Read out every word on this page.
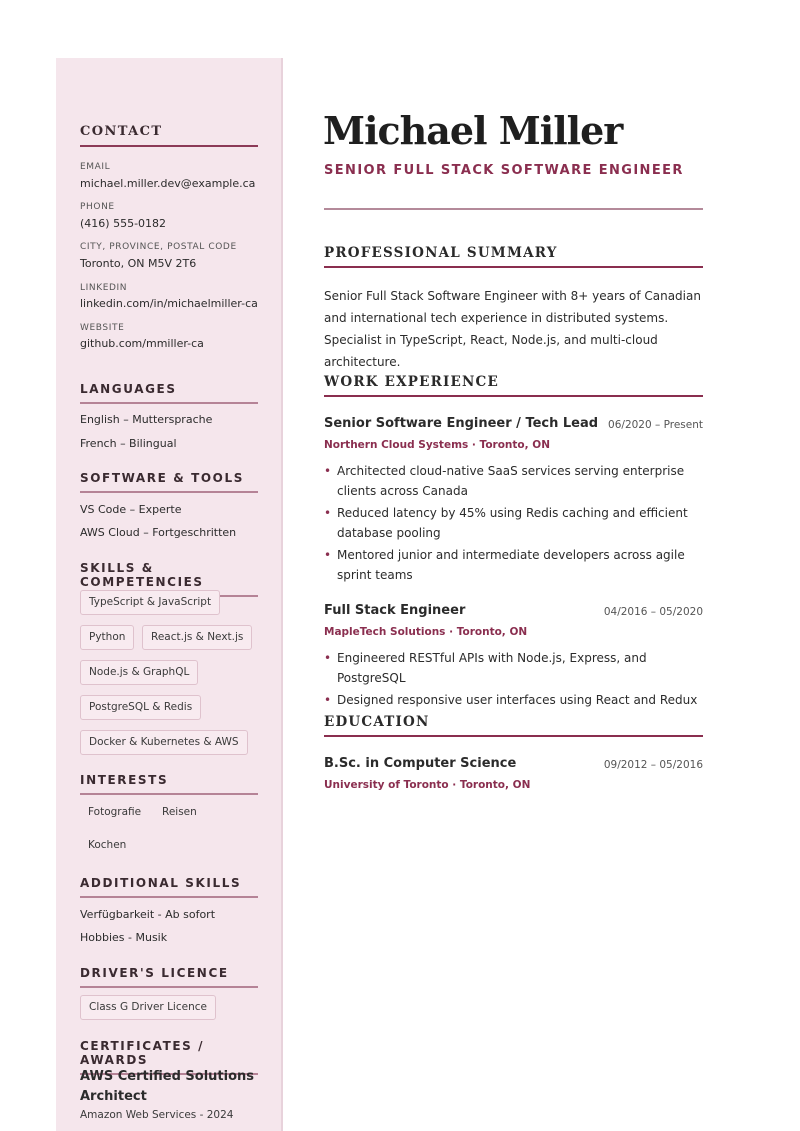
CONTACT
EMAIL
michael.miller.dev@example.ca
PHONE
(416) 555-0182
CITY, PROVINCE, POSTAL CODE
Toronto, ON M5V 2T6
LINKEDIN
linkedin.com/in/michaelmiller-ca
WEBSITE
github.com/mmiller-ca
LANGUAGES
English – Muttersprache
French – Bilingual
SOFTWARE & TOOLS
VS Code – Experte
AWS Cloud – Fortgeschritten
SKILLS & COMPETENCIES
TypeScript & JavaScript
Python	React.js & Next.js
Node.js & GraphQL
PostgreSQL & Redis
Docker & Kubernetes & AWS
INTERESTS
Fotografie	Reisen
Kochen
ADDITIONAL SKILLS
Verfügbarkeit - Ab sofort
Hobbies - Musik
DRIVER'S LICENCE
Class G Driver Licence
CERTIFICATES / AWARDS
AWS Certified Solutions Architect
Amazon Web Services - 2024
Michael Miller
SENIOR FULL STACK SOFTWARE ENGINEER
PROFESSIONAL SUMMARY
Senior Full Stack Software Engineer with 8+ years of Canadian and international tech experience in distributed systems. Specialist in TypeScript, React, Node.js, and multi-cloud architecture.
WORK EXPERIENCE
Senior Software Engineer / Tech Lead 06/2020 – Present
Northern Cloud Systems · Toronto, ON
• Architected cloud-native SaaS services serving enterprise clients across Canada
• Reduced latency by 45% using Redis caching and efficient database pooling
• Mentored junior and intermediate developers across agile sprint teams
Full Stack Engineer	04/2016 – 05/2020
MapleTech Solutions · Toronto, ON
• Engineered RESTful APIs with Node.js, Express, and PostgreSQL
• Designed responsive user interfaces using React and Redux
EDUCATION
B.Sc. in Computer Science	09/2012 – 05/2016
University of Toronto · Toronto, ON
